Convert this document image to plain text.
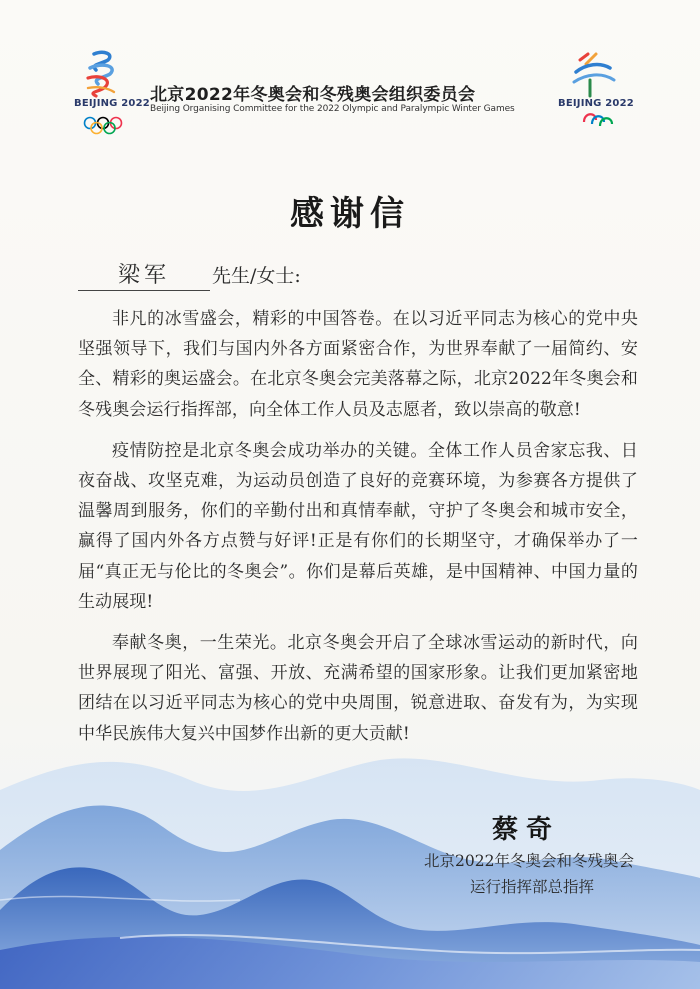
BEIJING 2022	BEIJING 2022
北京2022年冬奥会和冬残奥会组织委员会
Beijing Organising Committee for the 2022 Olympic and Paralympic Winter Games
感谢信
梁军 先生/女士:

非凡的冰雪盛会，精彩的中国答卷。在以习近平同志为核心的党中央坚强领导下，我们与国内外各方面紧密合作，为世界奉献了一届简约、安全、精彩的奥运盛会。在北京冬奥会完美落幕之际，北京2022年冬奥会和冬残奥会运行指挥部，向全体工作人员及志愿者，致以崇高的敬意!

疫情防控是北京冬奥会成功举办的关键。全体工作人员舍家忘我、日夜奋战、攻坚克难，为运动员创造了良好的竞赛环境，为参赛各方提供了温馨周到服务，你们的辛勤付出和真情奉献，守护了冬奥会和城市安全，赢得了国内外各方点赞与好评!正是有你们的长期坚守，才确保举办了一届“真正无与伦比的冬奥会”。你们是幕后英雄，是中国精神、中国力量的生动展现!

奉献冬奥，一生荣光。北京冬奥会开启了全球冰雪运动的新时代，向世界展现了阳光、富强、开放、充满希望的国家形象。让我们更加紧密地团结在以习近平同志为核心的党中央周围，锐意进取、奋发有为，为实现中华民族伟大复兴中国梦作出新的更大贡献!

蔡奇
北京2022年冬奥会和冬残奥会
运行指挥部总指挥
